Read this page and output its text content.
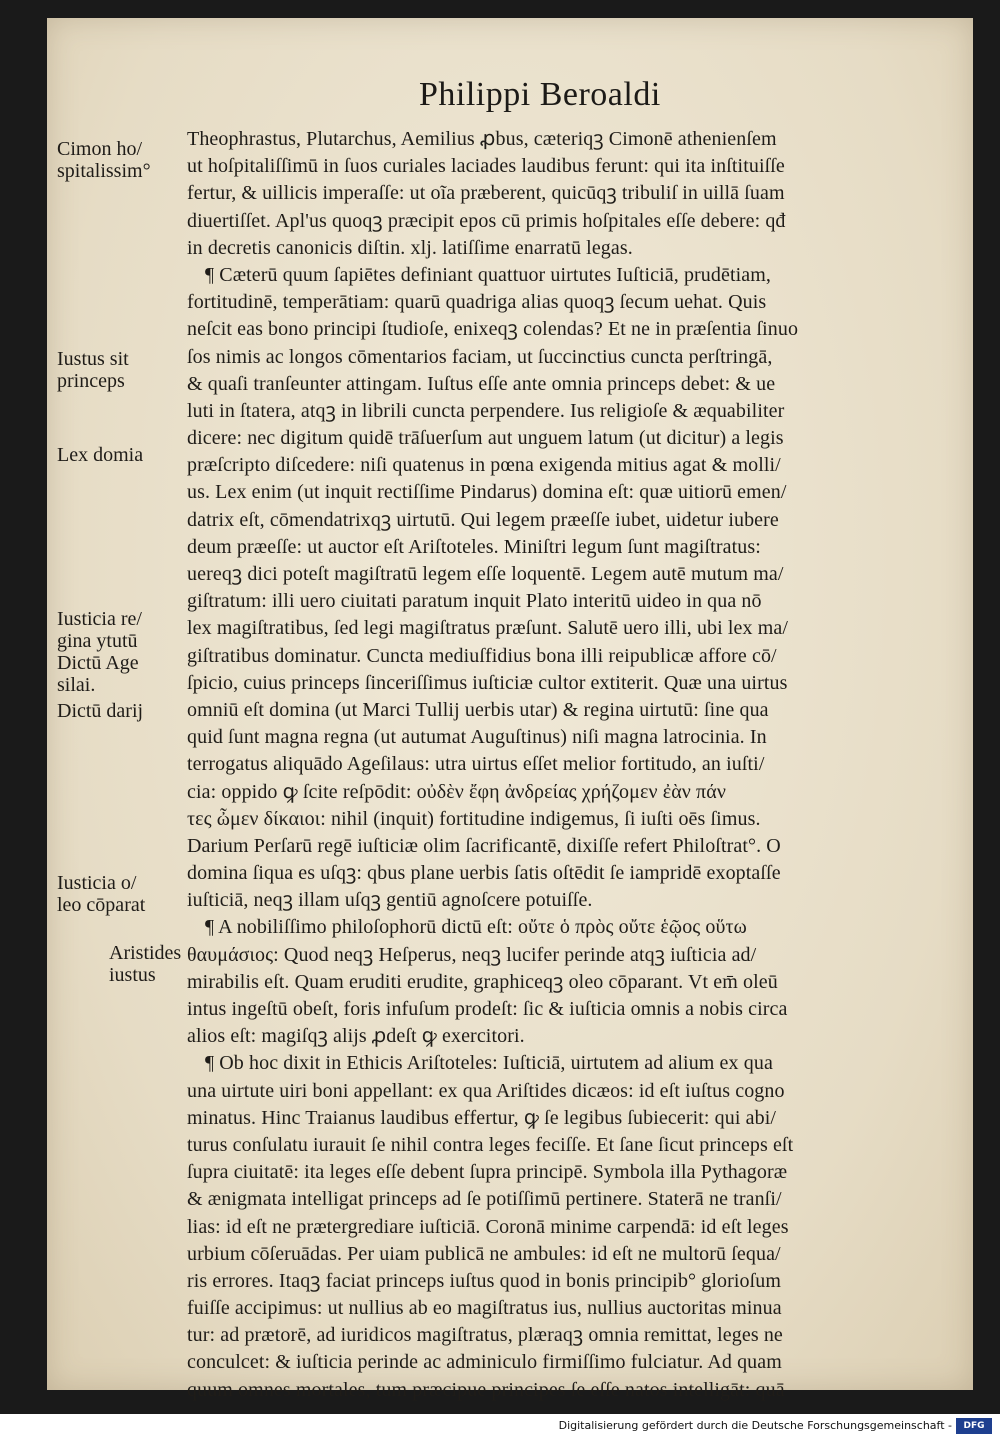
Philippi Beroaldi
Cimon ho/
spitalissim°
Iustus sit
princeps
Lex domia
Iusticia re/
gina ytutū
Dictū Age
silai.
Dictū darij
Iusticia o/
leo cōparat
Aristides
iustus
Theophrastus, Plutarchus, Aemilius ꝓbus, cæteriqꝫ Cimonē athenienſem
ut hoſpitaliſſimū in ſuos curiales laciades laudibus ferunt: qui ita inſtituiſſe
fertur, & uillicis imperaſſe: ut oĩa præberent, quicūqꝫ tribuliſ in uillā ſuam
diuertiſſet. Apl'us quoqꝫ præcipit epos cū primis hoſpitales eſſe debere: qđ
in decretis canonicis diſtin. xlj. latiſſime enarratū legas.
¶ Cæterū quum ſapiētes definiant quattuor uirtutes Iuſticiā, prudētiam,
fortitudinē, temperātiam: quarū quadriga alias quoqꝫ ſecum uehat. Quis
neſcit eas bono principi ſtudioſe, enixeqꝫ colendas? Et ne in præſentia ſinuo
ſos nimis ac longos cōmentarios faciam, ut ſuccinctius cuncta perſtringā,
& quaſi tranſeunter attingam. Iuſtus eſſe ante omnia princeps debet: & ue
luti in ſtatera, atqꝫ in librili cuncta perpendere. Ius religioſe & æquabiliter
dicere: nec digitum quidē trāſuerſum aut unguem latum (ut dicitur) a legis
præſcripto diſcedere: niſi quatenus in pœna exigenda mitius agat & molli/
us. Lex enim (ut inquit rectiſſime Pindarus) domina eſt: quæ uitiorū emen/
datrix eſt, cōmendatrixqꝫ uirtutū. Qui legem præeſſe iubet, uidetur iubere
deum præeſſe: ut auctor eſt Ariſtoteles. Miniſtri legum ſunt magiſtratus:
uereqꝫ dici poteſt magiſtratū legem eſſe loquentē. Legem autē mutum ma/
giſtratum: illi uero ciuitati paratum inquit Plato interitū uideo in qua nō
lex magiſtratibus, ſed legi magiſtratus præſunt. Salutē uero illi, ubi lex ma/
giſtratibus dominatur. Cuncta mediuſfidius bona illi reipublicæ affore cō/
ſpicio, cuius princeps ſinceriſſimus iuſticiæ cultor extiterit. Quæ una uirtus
omniū eſt domina (ut Marci Tullij uerbis utar) & regina uirtutū: ſine qua
quid ſunt magna regna (ut autumat Auguſtinus) niſi magna latrocinia. In
terrogatus aliquādo Ageſilaus: utra uirtus eſſet melior fortitudo, an iuſti/
cia: oppido ꝙ ſcite reſpōdit: οὐδὲν ἔφη ἀνδρείας χρήζομεν ἐὰν πάν
τες ὦμεν δίκαιοι: nihil (inquit) fortitudine indigemus, ſi iuſti oēs ſimus.
Darium Perſarū regē iuſticiæ olim ſacrificantē, dixiſſe refert Philoſtrat°. O
domina ſiqua es uſqꝫ: qbus plane uerbis ſatis oſtēdit ſe iampridē exoptaſſe
iuſticiā, neqꝫ illam uſqꝫ gentiū agnoſcere potuiſſe.
¶ A nobiliſſimo philoſophorū dictū eſt: οὔτε ὁ πρὸς οὔτε ἑῷος οὕτω
θαυμάσιος: Quod neqꝫ Heſperus, neqꝫ lucifer perinde atqꝫ iuſticia ad/
mirabilis eſt. Quam eruditi erudite, graphiceqꝫ oleo cōparant. Vt em̄ oleū
intus ingeſtū obeſt, foris infuſum prodeſt: ſic & iuſticia omnis a nobis circa
alios eſt: magiſqꝫ alijs ꝓdeſt ꝙ exercitori.
¶ Ob hoc dixit in Ethicis Ariſtoteles: Iuſticiā, uirtutem ad alium ex qua
una uirtute uiri boni appellant: ex qua Ariſtides dicæos: id eſt iuſtus cogno
minatus. Hinc Traianus laudibus effertur, ꝙ ſe legibus ſubiecerit: qui abi/
turus conſulatu iurauit ſe nihil contra leges feciſſe. Et ſane ſicut princeps eſt
ſupra ciuitatē: ita leges eſſe debent ſupra principē. Symbola illa Pythagoræ
& ænigmata intelligat princeps ad ſe potiſſimū pertinere. Staterā ne tranſi/
lias: id eſt ne prætergrediare iuſticiā. Coronā minime carpendā: id eſt leges
urbium cōſeruādas. Per uiam publicā ne ambules: id eſt ne multorū ſequa/
ris errores. Itaqꝫ faciat princeps iuſtus quod in bonis principib° glorioſum
fuiſſe accipimus: ut nullius ab eo magiſtratus ius, nullius auctoritas minua
tur: ad prætorē, ad iuridicos magiſtratus, plæraqꝫ omnia remittat, leges ne
conculcet: & iuſticia perinde ac adminiculo firmiſſimo fulciatur. Ad quam
quum omnes mortales, tum præcipue principes ſe eſſe natos intelligāt: quā
Digitalisierung gefördert durch die Deutsche Forschungsgemeinschaft -	DFG
